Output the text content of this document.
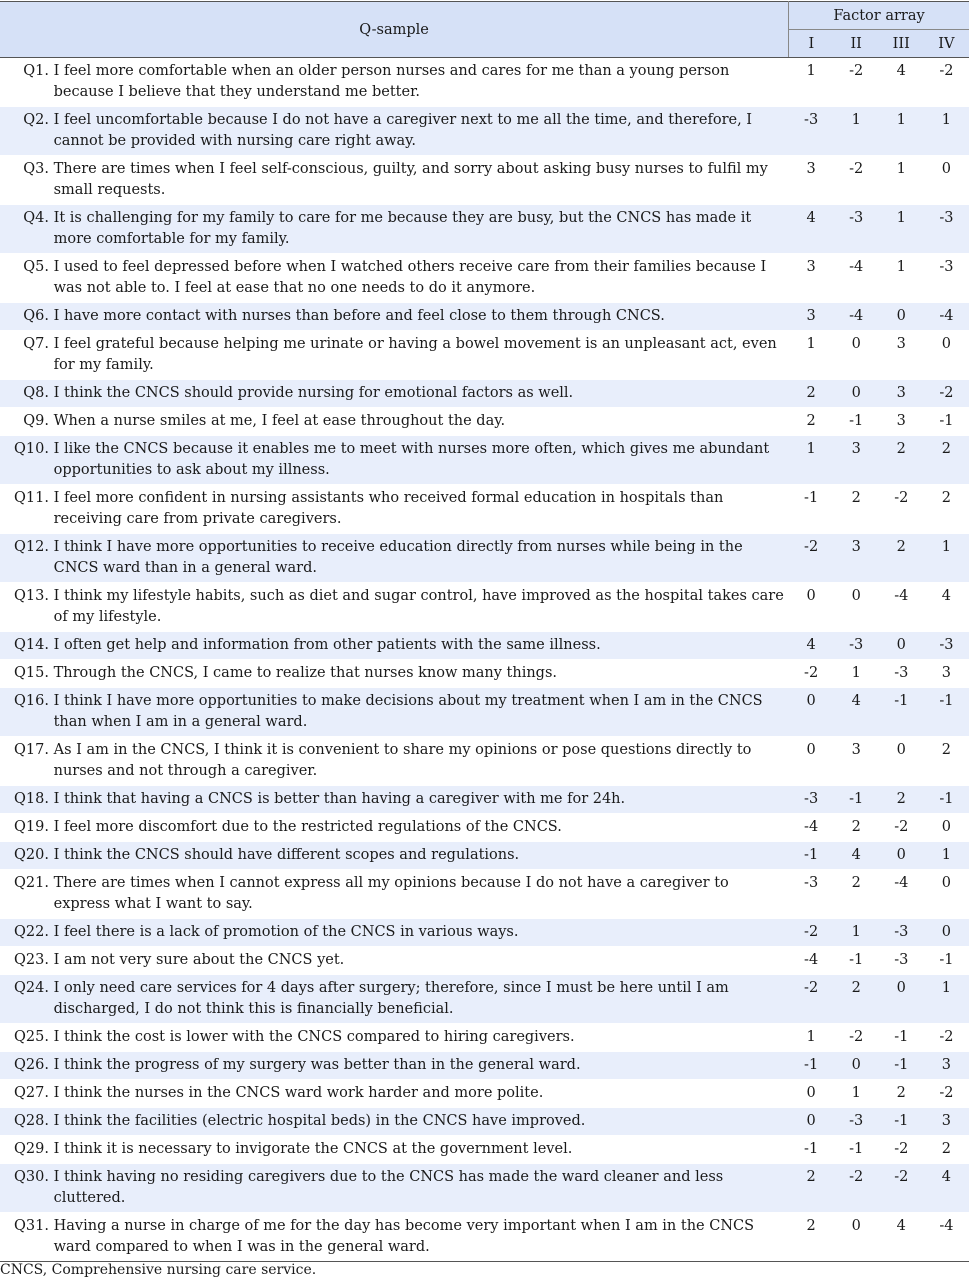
Q-sample	Factor array			
	I	II	III	IV

Q1.
I feel more comfortable when an older person nurses and cares for me than a young person because I believe that they understand me better.	1	-2	4	-2

Q2.
I feel uncomfortable because I do not have a caregiver next to me all the time, and therefore, I cannot be provided with nursing care right away.	-3	1	1	1

Q3.
There are times when I feel self-conscious, guilty, and sorry about asking busy nurses to fulfil my small requests.	3	-2	1	0

Q4.
It is challenging for my family to care for me because they are busy, but the CNCS has made it more comfortable for my family.	4	-3	1	-3

Q5.
I used to feel depressed before when I watched others receive care from their families because I was not able to. I feel at ease that no one needs to do it anymore.	3	-4	1	-3

Q6.
I have more contact with nurses than before and feel close to them through CNCS.	3	-4	0	-4

Q7.
I feel grateful because helping me urinate or having a bowel movement is an unpleasant act, even for my family.	1	0	3	0

Q8.
I think the CNCS should provide nursing for emotional factors as well.	2	0	3	-2

Q9.
When a nurse smiles at me, I feel at ease throughout the day.	2	-1	3	-1

Q10.
I like the CNCS because it enables me to meet with nurses more often, which gives me abundant opportunities to ask about my illness.	1	3	2	2

Q11.
I feel more confident in nursing assistants who received formal education in hospitals than receiving care from private caregivers.	-1	2	-2	2

Q12.
I think I have more opportunities to receive education directly from nurses while being in the CNCS ward than in a general ward.	-2	3	2	1

Q13.
I think my lifestyle habits, such as diet and sugar control, have improved as the hospital takes care of my lifestyle.	0	0	-4	4

Q14.
I often get help and information from other patients with the same illness.	4	-3	0	-3

Q15.
Through the CNCS, I came to realize that nurses know many things.	-2	1	-3	3

Q16.
I think I have more opportunities to make decisions about my treatment when I am in the CNCS than when I am in a general ward.	0	4	-1	-1

Q17.
As I am in the CNCS, I think it is convenient to share my opinions or pose questions directly to nurses and not through a caregiver.	0	3	0	2

Q18.
I think that having a CNCS is better than having a caregiver with me for 24h.	-3	-1	2	-1

Q19.
I feel more discomfort due to the restricted regulations of the CNCS.	-4	2	-2	0

Q20.
I think the CNCS should have different scopes and regulations.	-1	4	0	1

Q21.
There are times when I cannot express all my opinions because I do not have a caregiver to express what I want to say.	-3	2	-4	0

Q22.
I feel there is a lack of promotion of the CNCS in various ways.	-2	1	-3	0

Q23.
I am not very sure about the CNCS yet.	-4	-1	-3	-1

Q24.
I only need care services for 4 days after surgery; therefore, since I must be here until I am discharged, I do not think this is financially beneficial.	-2	2	0	1

Q25.
I think the cost is lower with the CNCS compared to hiring caregivers.	1	-2	-1	-2

Q26.
I think the progress of my surgery was better than in the general ward.	-1	0	-1	3

Q27.
I think the nurses in the CNCS ward work harder and more polite.	0	1	2	-2

Q28.
I think the facilities (electric hospital beds) in the CNCS have improved.	0	-3	-1	3

Q29.
I think it is necessary to invigorate the CNCS at the government level.	-1	-1	-2	2

Q30.
I think having no residing caregivers due to the CNCS has made the ward cleaner and less cluttered.	2	-2	-2	4

Q31.
Having a nurse in charge of me for the day has become very important when I am in the CNCS ward compared to when I was in the general ward.	2	0	4	-4
CNCS, Comprehensive nursing care service.
